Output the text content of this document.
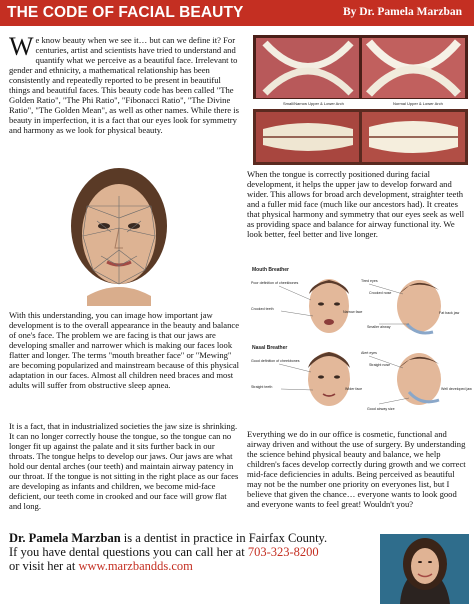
THE CODE OF FACIAL BEAUTY	By Dr. Pamela Marzban

We know beauty when we see it… but can we define it? For centuries, artist and scientists have tried to understand and quantify what we perceive as a beautiful face. Irrelevant to gender and ethnicity, a mathematical relationship has been consistently and repeatedly reported to be present in beautiful things and beautiful faces. This beauty code has been called "The Golden Ratio", "The Phi Ratio", "Fibonacci Ratio", "The Divine Ratio", "The Golden Mean", as well as other names. While there is beauty in imperfection, it is a fact that our eyes look for symmetry and harmony as we look for physical beauty.

Small/Narrow Upper & Lower Arch	Normal Upper & Lower Arch

When the tongue is correctly positioned during facial development, it helps the upper jaw to develop forward and wider. This allows for broad arch development, straighter teeth and a fuller mid face (much like our ancestors had). It creates that physical harmony and symmetry that our eyes seek as well as providing space and balance for airway functional ity. We look better, feel better and live longer.

Mouth Breather
Poor definition of cheekbones
Crooked teeth
Narrow face
Tired eyes
Crooked nose
Smaller airway
Fat back jaw
Nasal Breather
Good definition of cheekbones
Straight teeth	Wider face
Alert eyes
Straight nose
Well developed jaw
Good airway size

With this understanding, you can image how important jaw development is to the overall appearance in the beauty and balance of one's face. The problem we are facing is that our jaws are developing smaller and narrower which is making our faces look flatter and longer. The terms "mouth breather face" or "Mewing" are becoming popularized and mainstream because of this physical adaptation in our faces. Almost all children need braces and most adults will suffer from obstructive sleep apnea.

It is a fact, that in industrialized societies the jaw size is shrinking. It can no longer correctly house the tongue, so the tongue can no longer fit up against the palate and it sits further back in our throats. The tongue helps to develop our jaws. Our jaws are what hold our dental arches (our teeth) and maintain airway patency in our throat. If the tongue is not sitting in the right place as our faces are developing as infants and children, we become mid-face deficient, our teeth come in crooked and our face will grow flat and long.

Everything we do in our office is cosmetic, functional and airway driven and without the use of surgery. By understanding the science behind physical beauty and balance, we help children's faces develop correctly during growth and we correct mid-face deficiencies in adults. Being perceived as beautiful may not be the number one priority on everyones list, but I believe that given the chance… everyone wants to look good and everyone wants to feel great! Wouldn't you?

Dr. Pamela Marzban is a dentist in practice in Fairfax County.

If you have dental questions you can call her at 703-323-8200

or visit her at www.marzbandds.com
